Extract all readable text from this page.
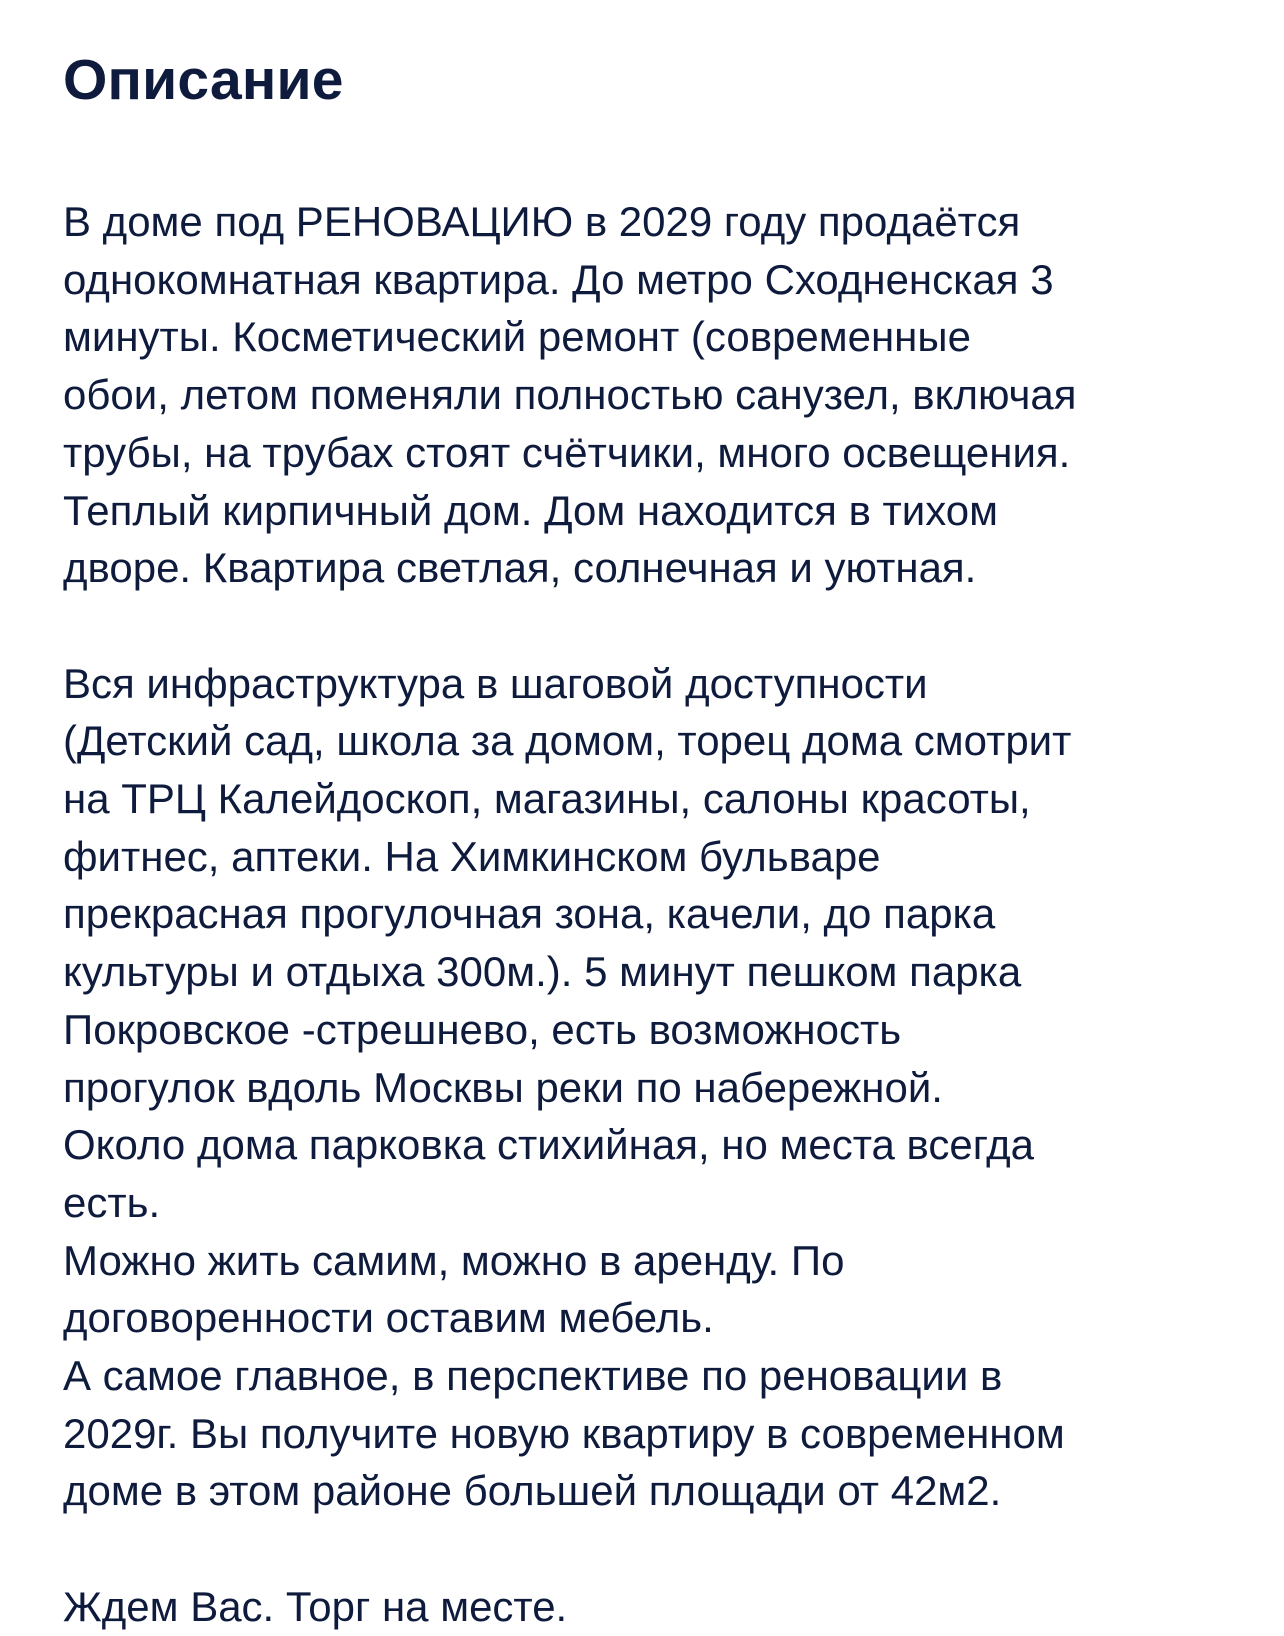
Описание
В доме под РЕНОВАЦИЮ в 2029 году продаётся
однокомнатная квартира. До метро Сходненская 3
минуты. Косметический ремонт (современные
обои, летом поменяли полностью санузел, включая
трубы, на трубах стоят счётчики, много освещения.
Теплый кирпичный дом. Дом находится в тихом
дворе. Квартира светлая, солнечная и уютная.
Вся инфраструктура в шаговой доступности
(Детский сад, школа за домом, торец дома смотрит
на ТРЦ Калейдоскоп, магазины, салоны красоты,
фитнес, аптеки. На Химкинском бульваре
прекрасная прогулочная зона, качели, до парка
культуры и отдыха 300м.). 5 минут пешком парка
Покровское -стрешнево, есть возможность
прогулок вдоль Москвы реки по набережной.
Около дома парковка стихийная, но места всегда
есть.
Можно жить самим, можно в аренду. По
договоренности оставим мебель.
А самое главное, в перспективе по реновации в
2029г. Вы получите новую квартиру в современном
доме в этом районе большей площади от 42м2.
Ждем Вас. Торг на месте.
